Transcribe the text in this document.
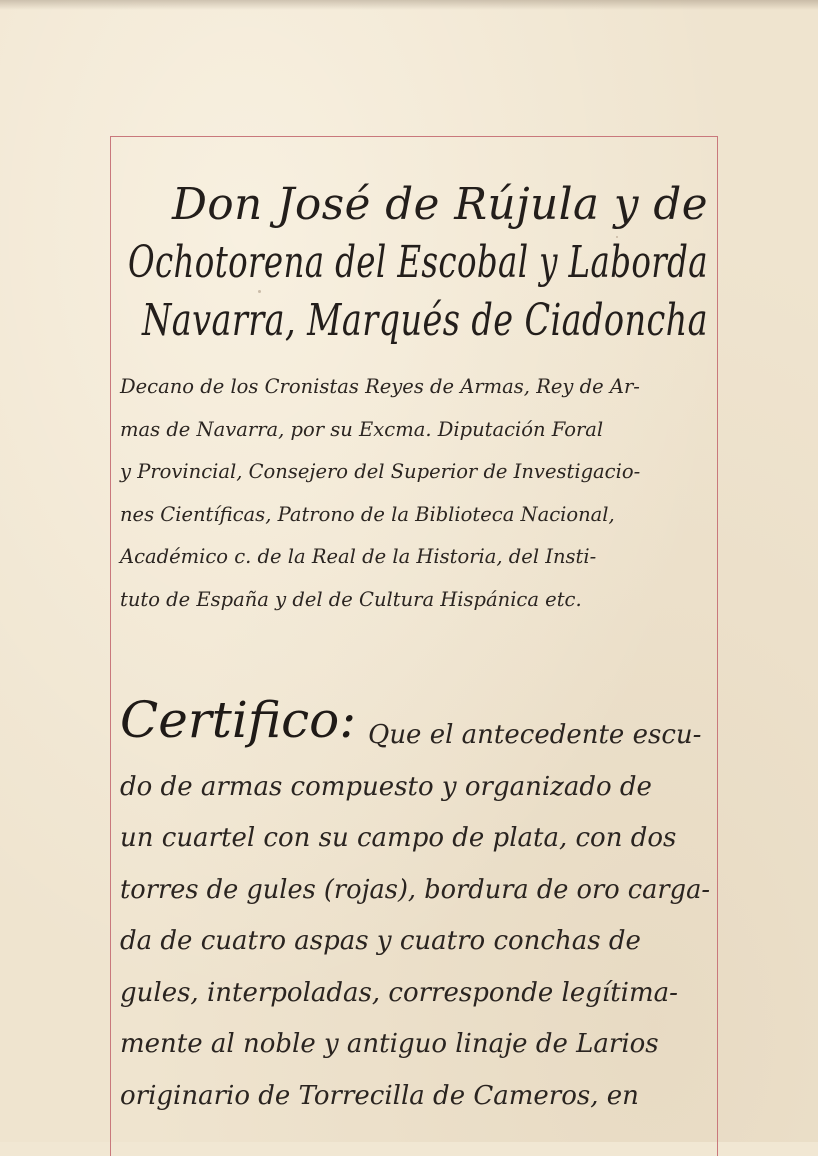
Don José de Rújula y de
Ochotorena del Escobal y Laborda
Navarra, Marqués de Ciadoncha
Decano de los Cronistas Reyes de Armas, Rey de Ar-
mas de Navarra, por su Excma. Diputación Foral
y Provincial, Consejero del Superior de Investigacio-
nes Científicas, Patrono de la Biblioteca Nacional,
Académico c. de la Real de la Historia, del Insti-
tuto de España y del de Cultura Hispánica etc.
Certifico: Que el antecedente escu-
do de armas compuesto y organizado de
un cuartel con su campo de plata, con dos
torres de gules (rojas), bordura de oro carga-
da de cuatro aspas y cuatro conchas de
gules, interpoladas, corresponde legítima-
mente al noble y antiguo linaje de Larios
originario de Torrecilla de Cameros, en
